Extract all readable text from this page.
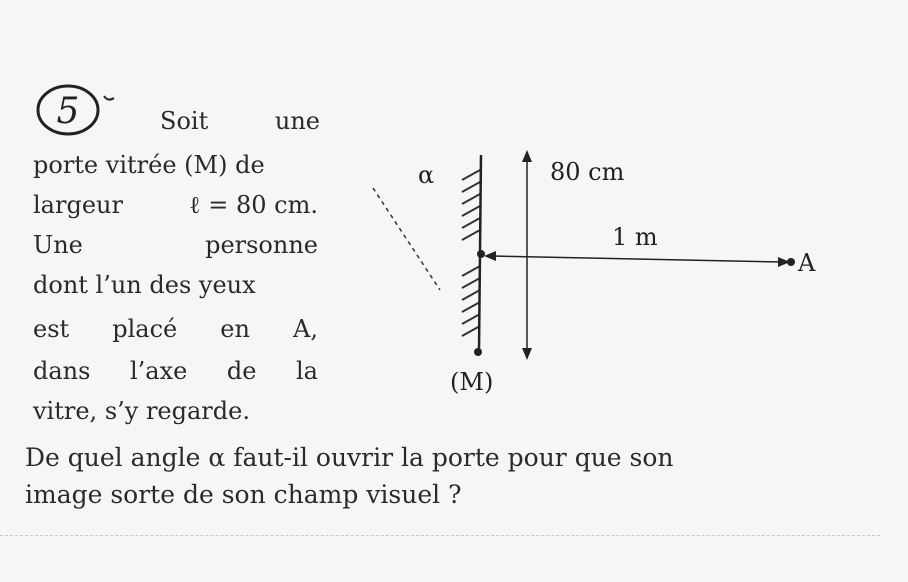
5	Soit	une
porte vitrée (M) de
largeur	ℓ = 80 cm.
Une	personne
dont l’un des yeux
est placé en A,
dans l’axe de la
vitre, s’y regarde.
α	80 cm
1 m
A
(M)
De quel angle α faut-il ouvrir la porte pour que son
image sorte de son champ visuel ?
